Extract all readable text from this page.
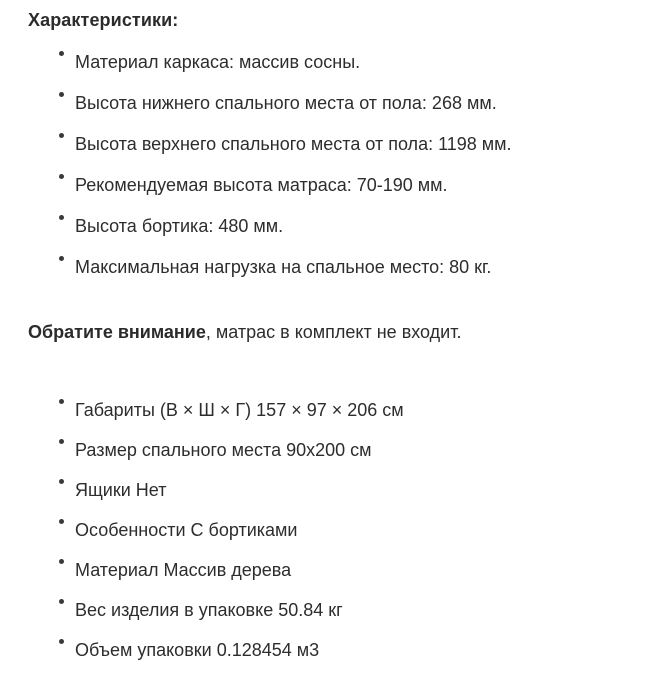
Характеристики:
Материал каркаса: массив сосны.
Высота нижнего спального места от пола: 268 мм.
Высота верхнего спального места от пола: 1198 мм.
Рекомендуемая высота матраса: 70-190 мм.
Высота бортика: 480 мм.
Максимальная нагрузка на спальное место: 80 кг.

Обратите внимание, матрас в комплект не входит.

Габариты (В × Ш × Г) 157 × 97 × 206 см
Размер спального места 90x200 см
Ящики Нет
Особенности С бортиками
Материал Массив дерева
Вес изделия в упаковке 50.84 кг
Объем упаковки 0.128454 м3
